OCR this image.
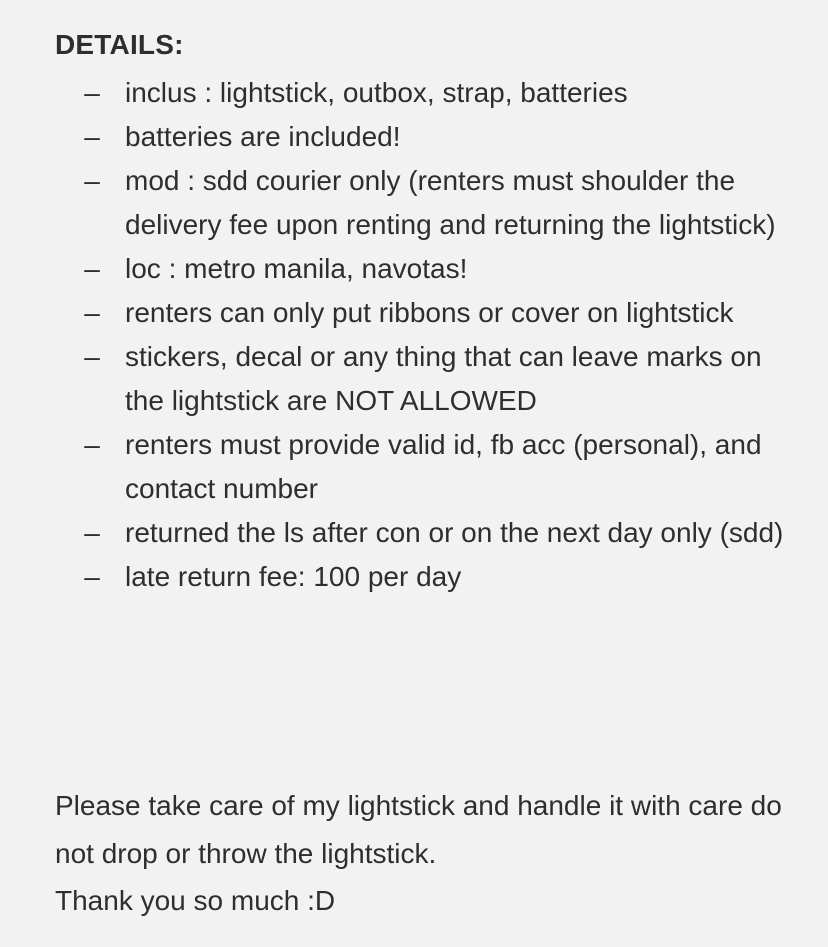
DETAILS:
– inclus : lightstick, outbox, strap, batteries
– batteries are included!
– mod : sdd courier only (renters must shoulder the delivery fee upon renting and returning the lightstick)
– loc : metro manila, navotas!
– renters can only put ribbons or cover on lightstick
– stickers, decal or any thing that can leave marks on the lightstick are NOT ALLOWED
– renters must provide valid id, fb acc (personal), and contact number
– returned the ls after con or on the next day only (sdd)
– late return fee: 100 per day

Please take care of my lightstick and handle it with care do not drop or throw the lightstick.

Thank you so much :D
